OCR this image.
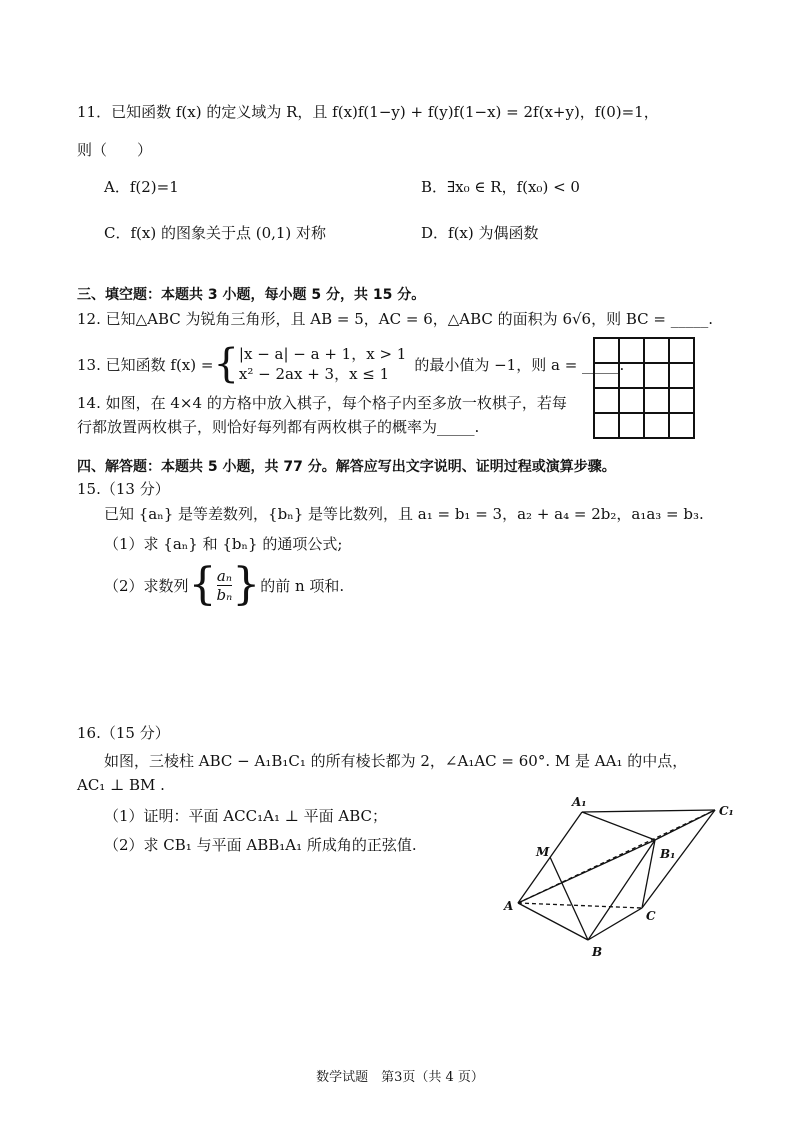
11．已知函数 f(x) 的定义域为 R，且 f(x)f(1−y) + f(y)f(1−x) = 2f(x+y)，f(0)=1，
则（　　）
A．f(2)=1	B．∃x₀ ∈ R，f(x₀) < 0
C．f(x) 的图象关于点 (0,1) 对称	D．f(x) 为偶函数
三、填空题：本题共 3 小题，每小题 5 分，共 15 分。
12. 已知△ABC 为锐角三角形，且 AB = 5，AC = 6，△ABC 的面积为 6√6，则 BC = _____.
13. 已知函数 f(x) = { |x − a| − a + 1，x > 1
x² − 2ax + 3，x ≤ 1
的最小值为 −1，则 a = _____.
14. 如图，在 4×4 的方格中放入棋子，每个格子内至多放一枚棋子，若每
行都放置两枚棋子，则恰好每列都有两枚棋子的概率为_____.
四、解答题：本题共 5 小题，共 77 分。解答应写出文字说明、证明过程或演算步骤。
15.（13 分）
已知 {aₙ} 是等差数列，{bₙ} 是等比数列，且 a₁ = b₁ = 3，a₂ + a₄ = 2b₂，a₁a₃ = b₃.
（1）求 {aₙ} 和 {bₙ} 的通项公式;
（2）求数列 { $\frac{\text{aₙ}}{\text{bₙ}}$ } 的前 n 项和.
16.（15 分）
如图，三棱柱 ABC − A₁B₁C₁ 的所有棱长都为 2，∠A₁AC = 60°. M 是 AA₁ 的中点，
AC₁ ⊥ BM .
（1）证明：平面 ACC₁A₁ ⊥ 平面 ABC；
（2）求 CB₁ 与平面 ABB₁A₁ 所成角的正弦值.
A₁
C₁
B₁
M
A
C
B
数学试题　第3页（共 4 页）
